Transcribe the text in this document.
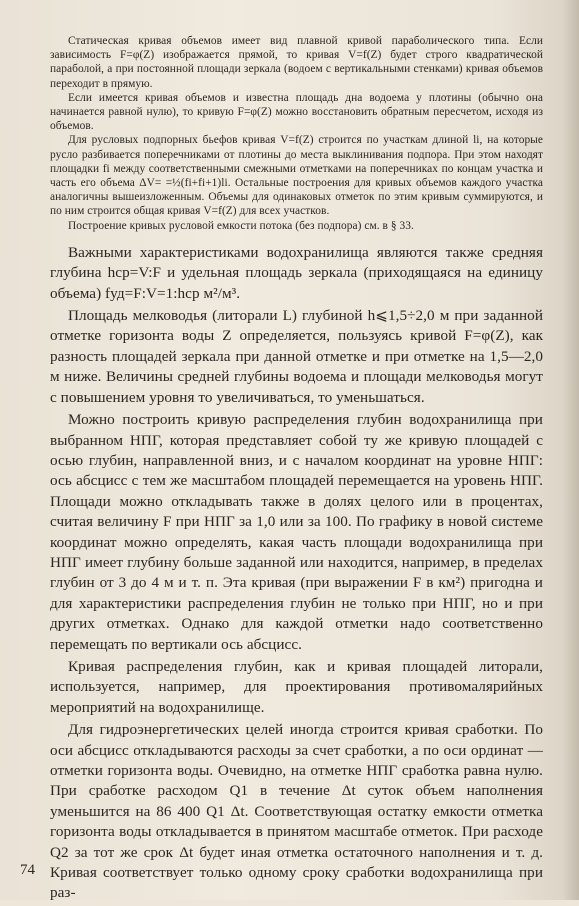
Статическая кривая объемов имеет вид плавной кривой параболического типа. Если зависимость F=φ(Z) изображается прямой, то кривая V=f(Z) будет строго квадратической параболой, а при постоянной площади зеркала (водоем с вертикальными стенками) кривая объемов переходит в прямую.

Если имеется кривая объемов и известна площадь дна водоема у плотины (обычно она начинается равной нулю), то кривую F=φ(Z) можно восстановить обратным пересчетом, исходя из объемов.

Для русловых подпорных бьефов кривая V=f(Z) строится по участкам длиной li, на которые русло разбивается поперечниками от плотины до места выклинивания подпора. При этом находят площадки fi между соответственными смежными отметками на поперечниках по концам участка и часть его объема ΔV= =½(fi+fi+1)li. Остальные построения для кривых объемов каждого участка аналогичны вышеизложенным. Объемы для одинаковых отметок по этим кривым суммируются, и по ним строится общая кривая V=f(Z) для всех участков.

Построение кривых русловой емкости потока (без подпора) см. в § 33.

Важными характеристиками водохранилища являются также средняя глубина hср=V:F и удельная площадь зеркала (приходящаяся на единицу объема) fуд=F:V=1:hср м²/м³.

Площадь мелководья (литорали L) глубиной h⩽1,5÷2,0 м при заданной отметке горизонта воды Z определяется, пользуясь кривой F=φ(Z), как разность площадей зеркала при данной отметке и при отметке на 1,5—2,0 м ниже. Величины средней глубины водоема и площади мелководья могут с повышением уровня то увеличиваться, то уменьшаться.

Можно построить кривую распределения глубин водохранилища при выбранном НПГ, которая представляет собой ту же кривую площадей с осью глубин, направленной вниз, и с началом координат на уровне НПГ: ось абсцисс с тем же масштабом площадей перемещается на уровень НПГ. Площади можно откладывать также в долях целого или в процентах, считая величину F при НПГ за 1,0 или за 100. По графику в новой системе координат можно определять, какая часть площади водохранилища при НПГ имеет глубину больше заданной или находится, например, в пределах глубин от 3 до 4 м и т. п. Эта кривая (при выражении F в км²) пригодна и для характеристики распределения глубин не только при НПГ, но и при других отметках. Однако для каждой отметки надо соответственно перемещать по вертикали ось абсцисс.

Кривая распределения глубин, как и кривая площадей литорали, используется, например, для проектирования противомалярийных мероприятий на водохранилище.

Для гидроэнергетических целей иногда строится кривая сработки. По оси абсцисс откладываются расходы за счет сработки, а по оси ординат — отметки горизонта воды. Очевидно, на отметке НПГ сработка равна нулю. При сработке расходом Q1 в течение Δt суток объем наполнения уменьшится на 86 400 Q1 Δt. Соответствующая остатку емкости отметка горизонта воды откладывается в принятом масштабе отметок. При расходе Q2 за тот же срок Δt будет иная отметка остаточного наполнения и т. д. Кривая соответствует только одному сроку сработки водохранилища при раз-

74
